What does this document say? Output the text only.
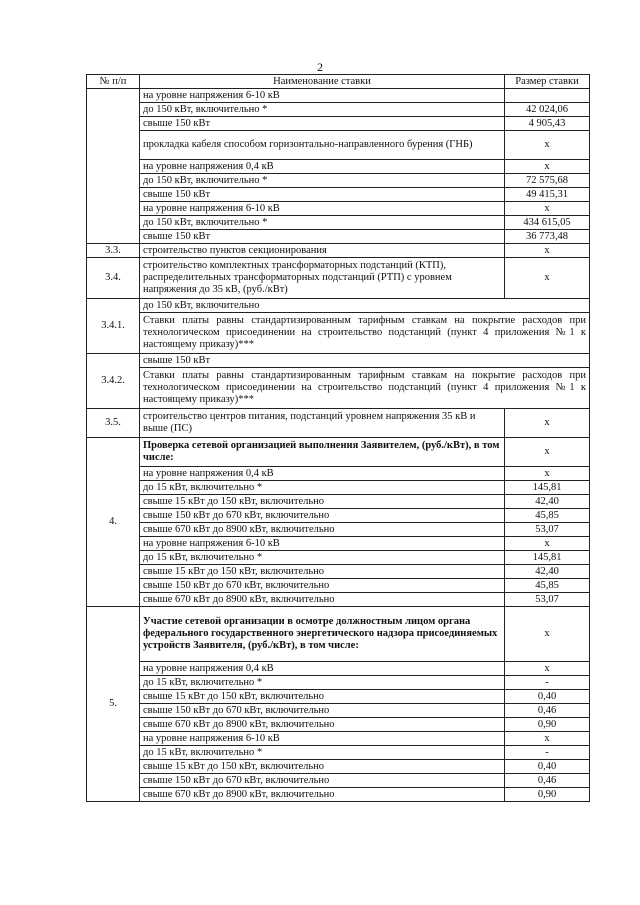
2
№ п/п	Наименование ставки	Размер ставки
	на уровне напряжения 6-10 кВ	
	до 150 кВт, включительно *	42 024,06
	свыше 150 кВт	4 905,43
	прокладка кабеля способом горизонтально-направленного бурения (ГНБ)	x
	на уровне напряжения 0,4 кВ	x
	до 150 кВт, включительно *	72 575,68
	свыше 150 кВт	49 415,31
	на уровне напряжения 6-10 кВ	x
	до 150 кВт, включительно *	434 615,05
	свыше 150 кВт	36 773,48
3.3.	строительство пунктов секционирования	x
3.4.	строительство комплектных трансформаторных подстанций (КТП), распределительных трансформаторных подстанций (РТП) с уровнем напряжения до 35 кВ, (руб./кВт)	x
3.4.1.	до 150 кВт, включительно	
	Ставки платы равны стандартизированным тарифным ставкам на покрытие расходов при технологическом присоединении на строительство подстанций (пункт 4 приложения №1 к настоящему приказу)***	
3.4.2.	свыше 150 кВт	
	Ставки платы равны стандартизированным тарифным ставкам на покрытие расходов при технологическом присоединении на строительство подстанций (пункт 4 приложения №1 к настоящему приказу)***	
3.5.	строительство центров питания, подстанций уровнем напряжения 35 кВ и выше (ПС)	x
4.	Проверка сетевой организацией выполнения Заявителем, (руб./кВт), в том числе:	x
	на уровне напряжения 0,4 кВ	x
	до 15 кВт, включительно *	145,81
	свыше 15 кВт до 150 кВт, включительно	42,40
	свыше 150 кВт до 670 кВт, включительно	45,85
	свыше 670 кВт до 8900 кВт, включительно	53,07
	на уровне напряжения 6-10 кВ	x
	до 15 кВт, включительно *	145,81
	свыше 15 кВт до 150 кВт, включительно	42,40
	свыше 150 кВт до 670 кВт, включительно	45,85
	свыше 670 кВт до 8900 кВт, включительно	53,07
5.	Участие сетевой организации в осмотре должностным лицом органа федерального государственного энергетического надзора присоединяемых устройств Заявителя, (руб./кВт), в том числе:	x
	на уровне напряжения 0,4 кВ	x
	до 15 кВт, включительно *	-
	свыше 15 кВт до 150 кВт, включительно	0,40
	свыше 150 кВт до 670 кВт, включительно	0,46
	свыше 670 кВт до 8900 кВт, включительно	0,90
	на уровне напряжения 6-10 кВ	x
	до 15 кВт, включительно *	-
	свыше 15 кВт до 150 кВт, включительно	0,40
	свыше 150 кВт до 670 кВт, включительно	0,46
	свыше 670 кВт до 8900 кВт, включительно	0,90
